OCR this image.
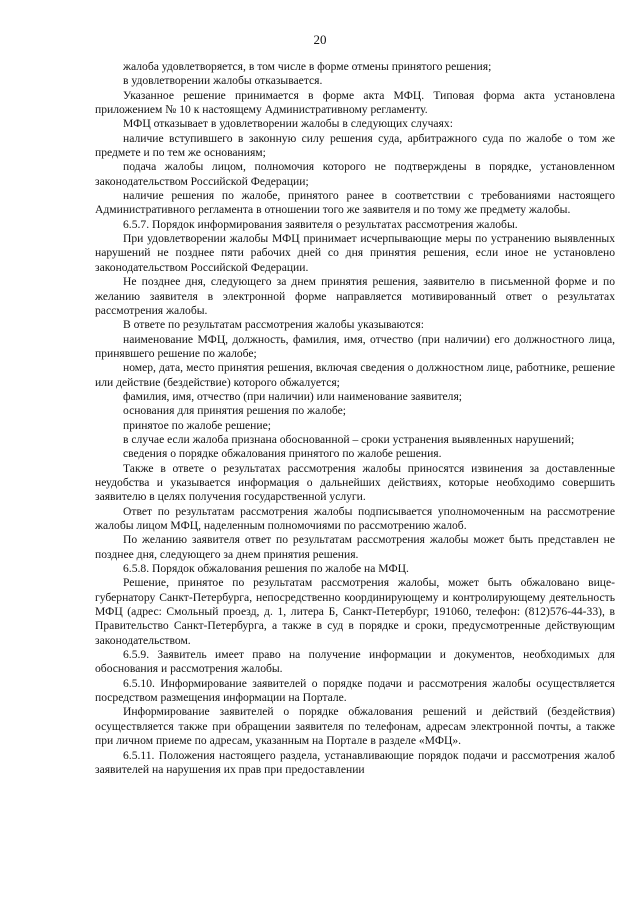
20

жалоба удовлетворяется, в том числе в форме отмены принятого решения;

в удовлетворении жалобы отказывается.

Указанное решение принимается в форме акта МФЦ. Типовая форма акта установлена приложением № 10 к настоящему Административному регламенту.

МФЦ отказывает в удовлетворении жалобы в следующих случаях:

наличие вступившего в законную силу решения суда, арбитражного суда по жалобе о том же предмете и по тем же основаниям;

подача жалобы лицом, полномочия которого не подтверждены в порядке, установленном законодательством Российской Федерации;

наличие решения по жалобе, принятого ранее в соответствии с требованиями настоящего Административного регламента в отношении того же заявителя и по тому же предмету жалобы.

6.5.7. Порядок информирования заявителя о результатах рассмотрения жалобы.

При удовлетворении жалобы МФЦ принимает исчерпывающие меры по устранению выявленных нарушений не позднее пяти рабочих дней со дня принятия решения, если иное не установлено законодательством Российской Федерации.

Не позднее дня, следующего за днем принятия решения, заявителю в письменной форме и по желанию заявителя в электронной форме направляется мотивированный ответ о результатах рассмотрения жалобы.

В ответе по результатам рассмотрения жалобы указываются:

наименование МФЦ, должность, фамилия, имя, отчество (при наличии) его должностного лица, принявшего решение по жалобе;

номер, дата, место принятия решения, включая сведения о должностном лице, работнике, решение или действие (бездействие) которого обжалуется;

фамилия, имя, отчество (при наличии) или наименование заявителя;

основания для принятия решения по жалобе;

принятое по жалобе решение;

в случае если жалоба признана обоснованной – сроки устранения выявленных нарушений;

сведения о порядке обжалования принятого по жалобе решения.

Также в ответе о результатах рассмотрения жалобы приносятся извинения за доставленные неудобства и указывается информация о дальнейших действиях, которые необходимо совершить заявителю в целях получения государственной услуги.

Ответ по результатам рассмотрения жалобы подписывается уполномоченным на рассмотрение жалобы лицом МФЦ, наделенным полномочиями по рассмотрению жалоб.

По желанию заявителя ответ по результатам рассмотрения жалобы может быть представлен не позднее дня, следующего за днем принятия решения.

6.5.8. Порядок обжалования решения по жалобе на МФЦ.

Решение, принятое по результатам рассмотрения жалобы, может быть обжаловано вице-губернатору Санкт-Петербурга, непосредственно координирующему и контролирующему деятельность МФЦ (адрес: Смольный проезд, д. 1, литера Б, Санкт-Петербург, 191060, телефон: (812)576-44-33), в Правительство Санкт-Петербурга, а также в суд в порядке и сроки, предусмотренные действующим законодательством.

6.5.9. Заявитель имеет право на получение информации и документов, необходимых для обоснования и рассмотрения жалобы.

6.5.10. Информирование заявителей о порядке подачи и рассмотрения жалобы осуществляется посредством размещения информации на Портале.

Информирование заявителей о порядке обжалования решений и действий (бездействия) осуществляется также при обращении заявителя по телефонам, адресам электронной почты, а также при личном приеме по адресам, указанным на Портале в разделе «МФЦ».

6.5.11. Положения настоящего раздела, устанавливающие порядок подачи и рассмотрения жалоб заявителей на нарушения их прав при предоставлении
